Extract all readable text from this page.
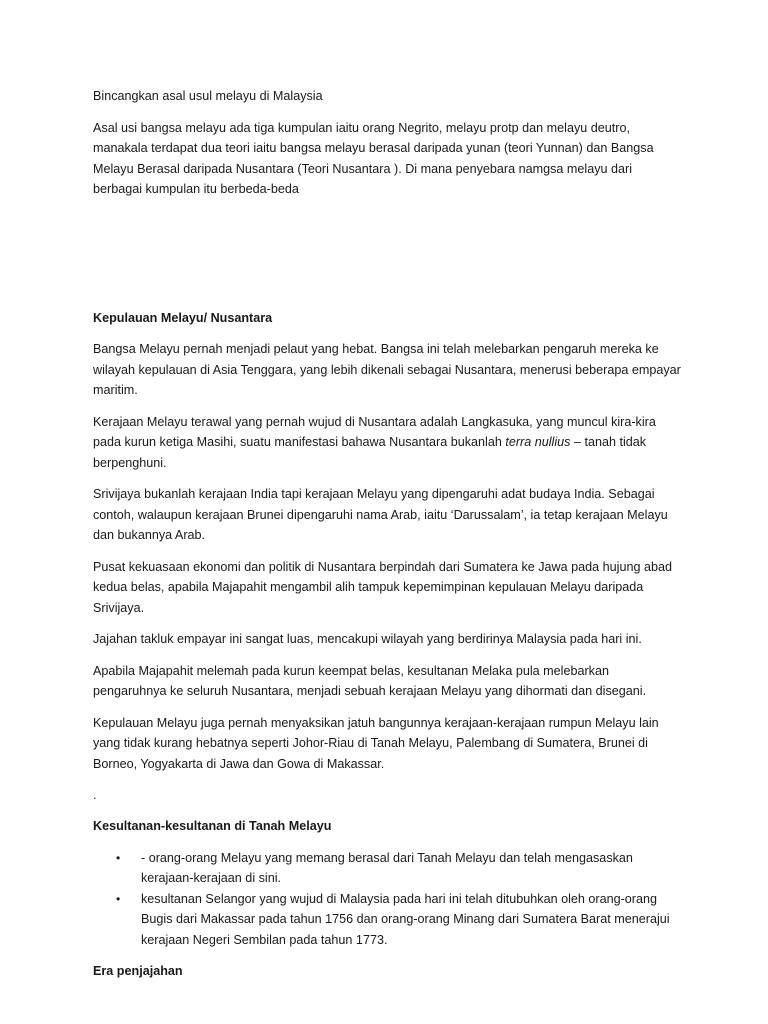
Bincangkan asal usul melayu di Malaysia

Asal usi bangsa melayu ada tiga kumpulan iaitu orang Negrito, melayu protp dan melayu deutro, manakala terdapat dua teori iaitu bangsa melayu berasal daripada yunan (teori Yunnan) dan Bangsa Melayu Berasal daripada Nusantara (Teori Nusantara ). Di mana penyebara namgsa melayu dari berbagai kumpulan itu berbeda-beda

Kepulauan Melayu/ Nusantara

Bangsa Melayu pernah menjadi pelaut yang hebat. Bangsa ini telah melebarkan pengaruh mereka ke wilayah kepulauan di Asia Tenggara, yang lebih dikenali sebagai Nusantara, menerusi beberapa empayar maritim.

Kerajaan Melayu terawal yang pernah wujud di Nusantara adalah Langkasuka, yang muncul kira-kira pada kurun ketiga Masihi, suatu manifestasi bahawa Nusantara bukanlah terra nullius – tanah tidak berpenghuni.

Srivijaya bukanlah kerajaan India tapi kerajaan Melayu yang dipengaruhi adat budaya India. Sebagai contoh, walaupun kerajaan Brunei dipengaruhi nama Arab, iaitu ‘Darussalam’, ia tetap kerajaan Melayu dan bukannya Arab.

Pusat kekuasaan ekonomi dan politik di Nusantara berpindah dari Sumatera ke Jawa pada hujung abad kedua belas, apabila Majapahit mengambil alih tampuk kepemimpinan kepulauan Melayu daripada Srivijaya.

Jajahan takluk empayar ini sangat luas, mencakupi wilayah yang berdirinya Malaysia pada hari ini.

Apabila Majapahit melemah pada kurun keempat belas, kesultanan Melaka pula melebarkan pengaruhnya ke seluruh Nusantara, menjadi sebuah kerajaan Melayu yang dihormati dan disegani.

Kepulauan Melayu juga pernah menyaksikan jatuh bangunnya kerajaan-kerajaan rumpun Melayu lain yang tidak kurang hebatnya seperti Johor-Riau di Tanah Melayu, Palembang di Sumatera, Brunei di Borneo, Yogyakarta di Jawa dan Gowa di Makassar.

.

Kesultanan-kesultanan di Tanah Melayu

• - orang-orang Melayu yang memang berasal dari Tanah Melayu dan telah mengasaskan kerajaan-kerajaan di sini.
• kesultanan Selangor yang wujud di Malaysia pada hari ini telah ditubuhkan oleh orang-orang Bugis dari Makassar pada tahun 1756 dan orang-orang Minang dari Sumatera Barat menerajui kerajaan Negeri Sembilan pada tahun 1773.

Era penjajahan
